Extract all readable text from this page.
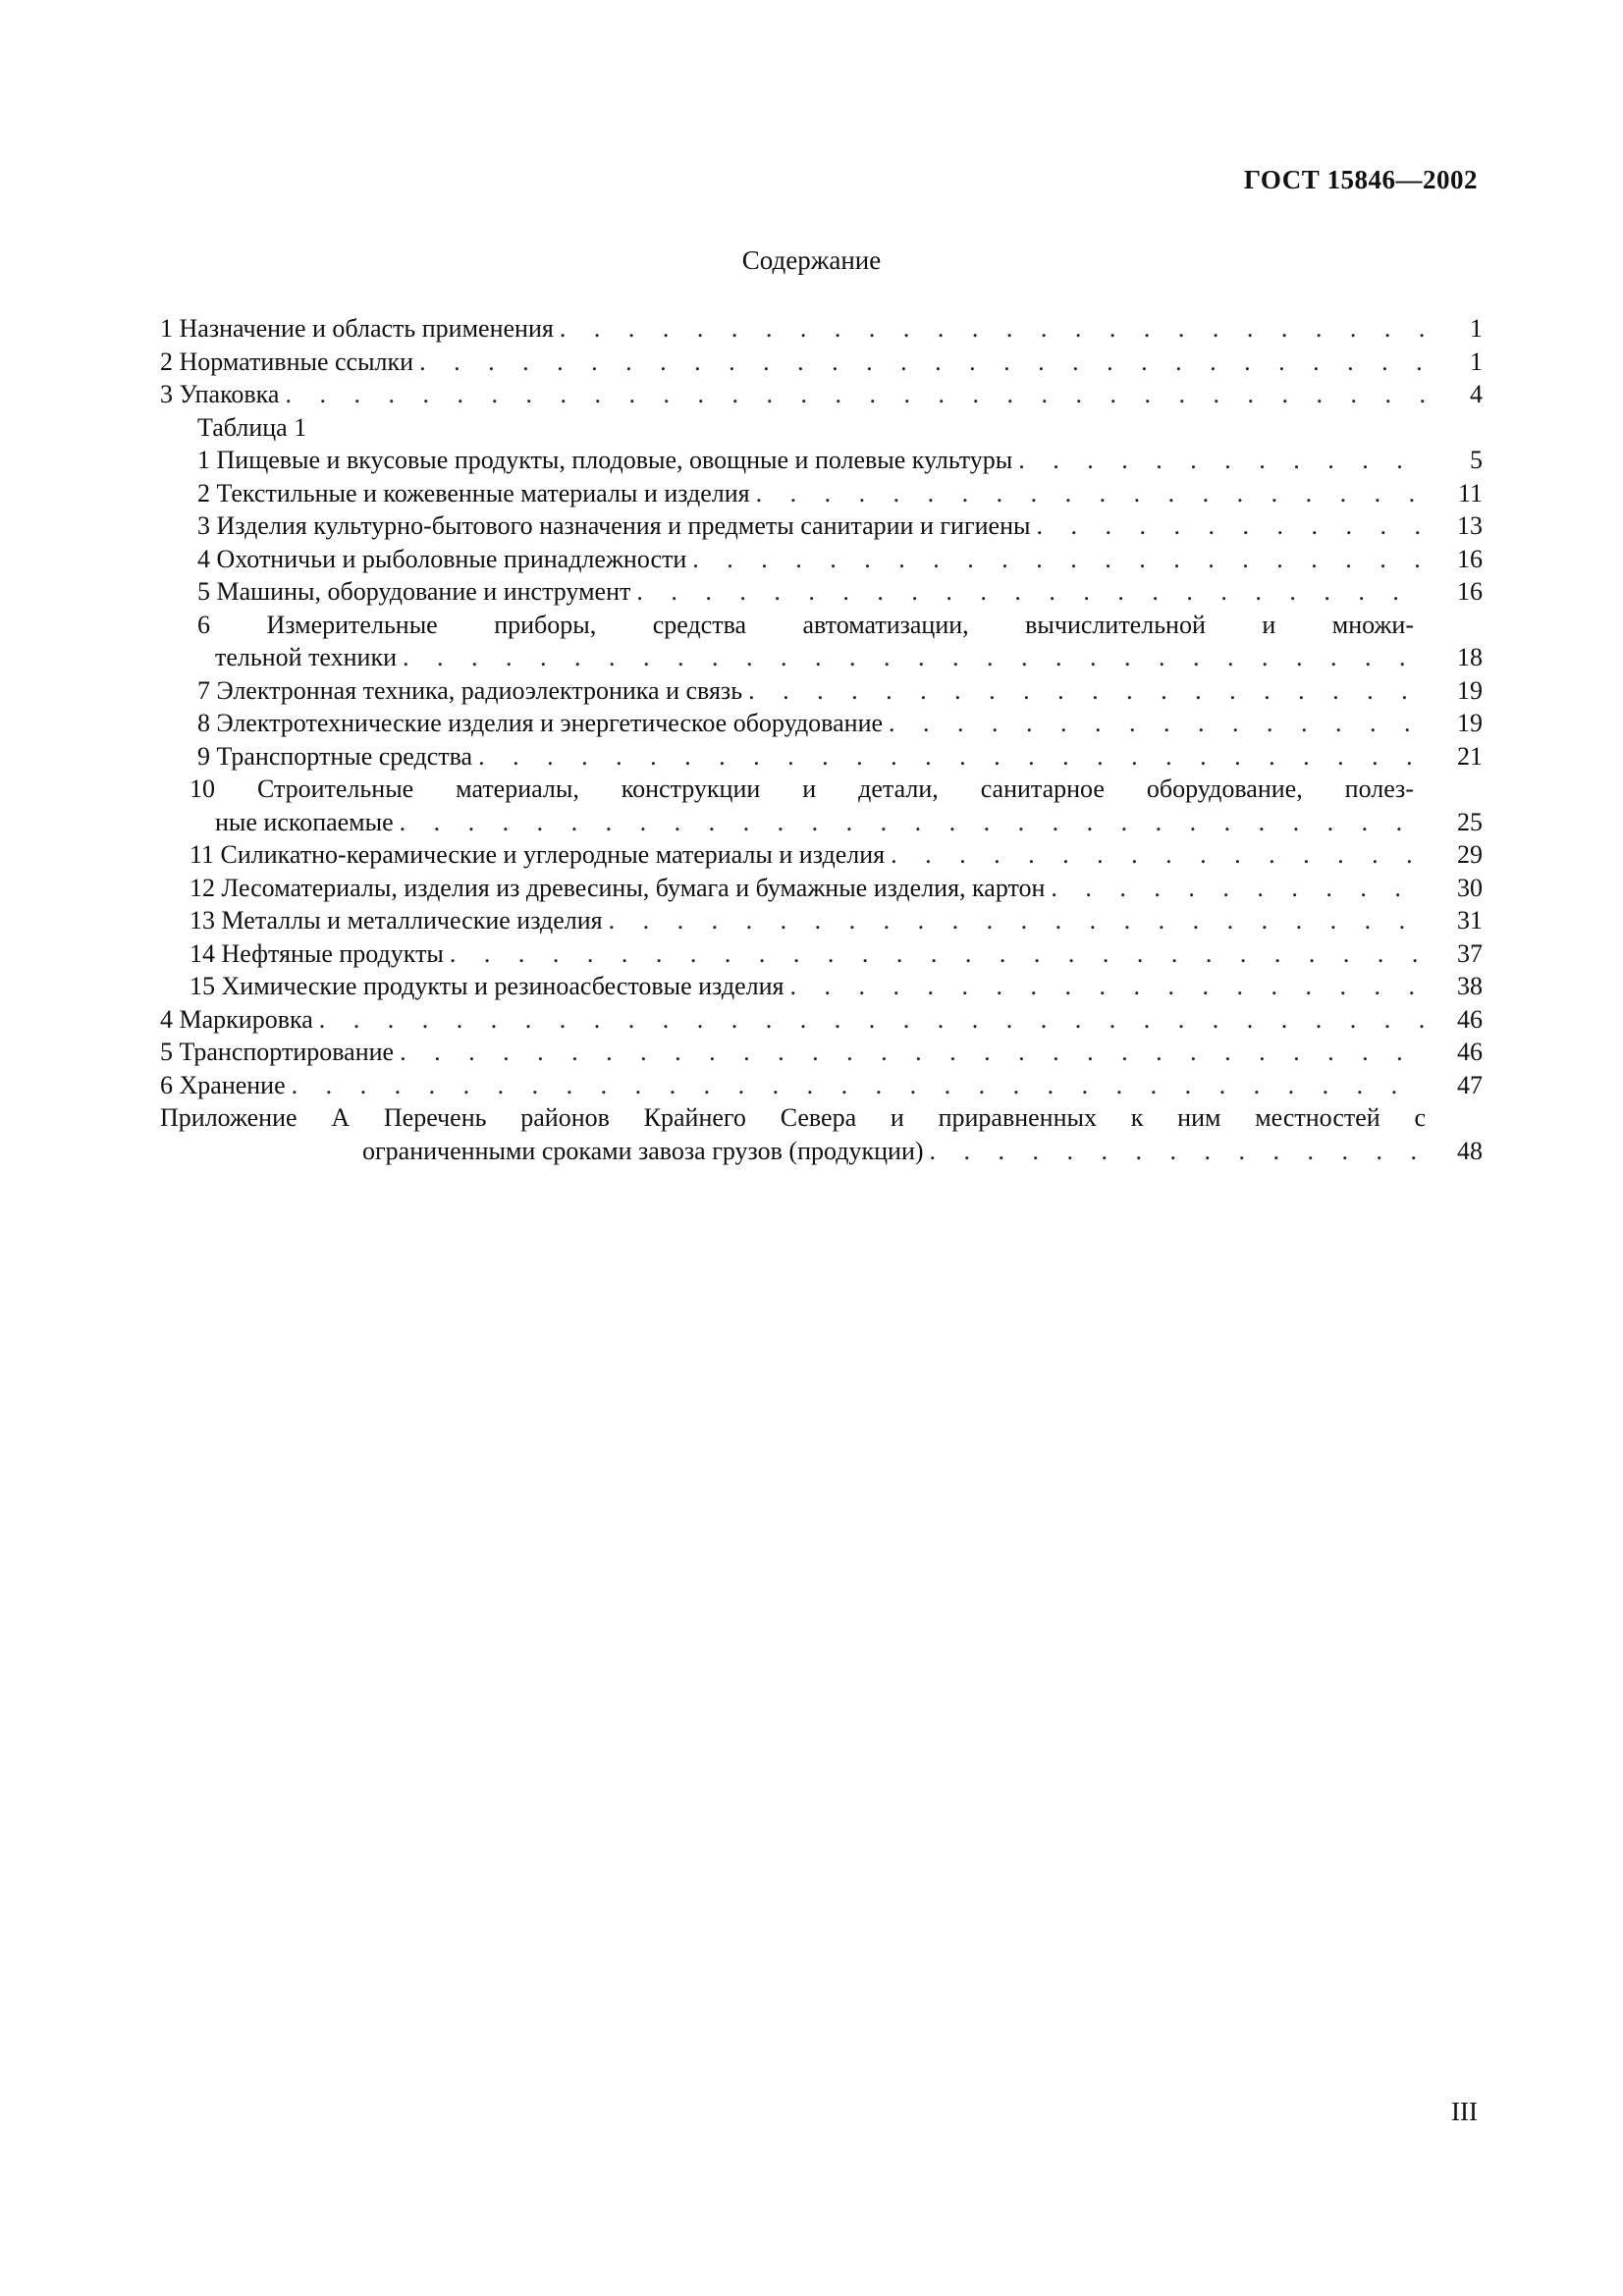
ГОСТ 15846—2002
Содержание
1 Назначение и область применения . . .	1
2 Нормативные ссылки . . .	1
3 Упаковка . . .	4
Таблица 1
1 Пищевые и вкусовые продукты, плодовые, овощные и полевые культуры . . .	5
2 Текстильные и кожевенные материалы и изделия . . .	11
3 Изделия культурно-бытового назначения и предметы санитарии и гигиены . . .	13
4 Охотничьи и рыболовные принадлежности . . .	16
5 Машины, оборудование и инструмент . . .	16
6 Измерительные приборы, средства автоматизации, вычислительной и множи-
тельной техники . . .	18
7 Электронная техника, радиоэлектроника и связь . . .	19
8 Электротехнические изделия и энергетическое оборудование . . .	19
9 Транспортные средства . . .	21
10 Строительные материалы, конструкции и детали, санитарное оборудование, полез-
ные ископаемые . . .	25
11 Силикатно-керамические и углеродные материалы и изделия . . .	29
12 Лесоматериалы, изделия из древесины, бумага и бумажные изделия, картон . . .	30
13 Металлы и металлические изделия . . .	31
14 Нефтяные продукты . . .	37
15 Химические продукты и резиноасбестовые изделия . . .	38
4 Маркировка . . .	46
5 Транспортирование . . .	46
6 Хранение . . .	47
Приложение А Перечень районов Крайнего Севера и приравненных к ним местностей с
ограниченными сроками завоза грузов (продукции) . . .	48
III
